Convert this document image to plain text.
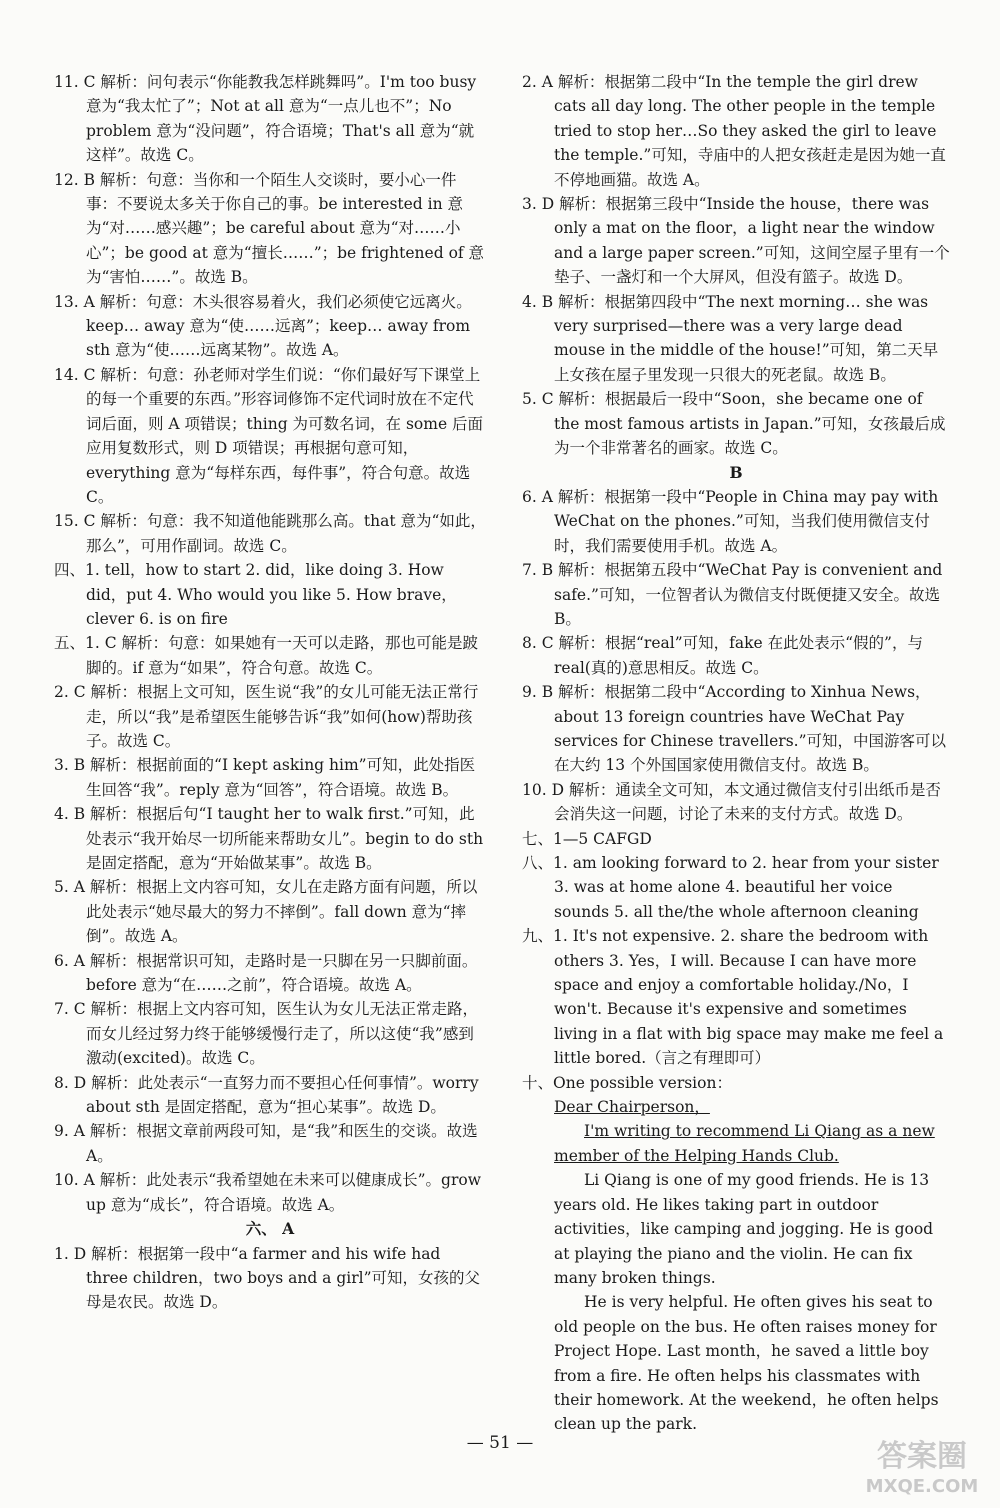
11. C 解析：问句表示“你能教我怎样跳舞吗”。I'm too busy 意为“我太忙了”；Not at all 意为“一点儿也不”；No problem 意为“没问题”，符合语境；That's all 意为“就这样”。故选 C。

12. B 解析：句意：当你和一个陌生人交谈时，要小心一件事：不要说太多关于你自己的事。be interested in 意为“对……感兴趣”；be careful about 意为“对……小心”；be good at 意为“擅长……”；be frightened of 意为“害怕……”。故选 B。

13. A 解析：句意：木头很容易着火，我们必须使它远离火。keep… away 意为“使……远离”；keep… away from sth 意为“使……远离某物”。故选 A。

14. C 解析：句意：孙老师对学生们说：“你们最好写下课堂上的每一个重要的东西。”形容词修饰不定代词时放在不定代词后面，则 A 项错误；thing 为可数名词，在 some 后面应用复数形式，则 D 项错误；再根据句意可知，everything 意为“每样东西，每件事”，符合句意。故选 C。

15. C 解析：句意：我不知道他能跳那么高。that 意为“如此，那么”，可用作副词。故选 C。

四、1. tell，how to start 2. did，like doing 3. How did，put 4. Who would you like 5. How brave，clever 6. is on fire

五、1. C 解析：句意：如果她有一天可以走路，那也可能是跛脚的。if 意为“如果”，符合句意。故选 C。

2. C 解析：根据上文可知，医生说“我”的女儿可能无法正常行走，所以“我”是希望医生能够告诉“我”如何(how)帮助孩子。故选 C。

3. B 解析：根据前面的“I kept asking him”可知，此处指医生回答“我”。reply 意为“回答”，符合语境。故选 B。

4. B 解析：根据后句“I taught her to walk first.”可知，此处表示“我开始尽一切所能来帮助女儿”。begin to do sth 是固定搭配，意为“开始做某事”。故选 B。

5. A 解析：根据上文内容可知，女儿在走路方面有问题，所以此处表示“她尽最大的努力不摔倒”。fall down 意为“摔倒”。故选 A。

6. A 解析：根据常识可知，走路时是一只脚在另一只脚前面。before 意为“在……之前”，符合语境。故选 A。

7. C 解析：根据上文内容可知，医生认为女儿无法正常走路，而女儿经过努力终于能够缓慢行走了，所以这使“我”感到激动(excited)。故选 C。

8. D 解析：此处表示“一直努力而不要担心任何事情”。worry about sth 是固定搭配，意为“担心某事”。故选 D。

9. A 解析：根据文章前两段可知，是“我”和医生的交谈。故选 A。

10. A 解析：此处表示“我希望她在未来可以健康成长”。grow up 意为“成长”，符合语境。故选 A。

六、 A

1. D 解析：根据第一段中“a farmer and his wife had three children，two boys and a girl”可知，女孩的父母是农民。故选 D。

2. A 解析：根据第二段中“In the temple the girl drew cats all day long. The other people in the temple tried to stop her…So they asked the girl to leave the temple.”可知，寺庙中的人把女孩赶走是因为她一直不停地画猫。故选 A。

3. D 解析：根据第三段中“Inside the house，there was only a mat on the floor，a light near the window and a large paper screen.”可知，这间空屋子里有一个垫子、一盏灯和一个大屏风，但没有篮子。故选 D。

4. B 解析：根据第四段中“The next morning… she was very surprised—there was a very large dead mouse in the middle of the house!”可知，第二天早上女孩在屋子里发现一只很大的死老鼠。故选 B。

5. C 解析：根据最后一段中“Soon，she became one of the most famous artists in Japan.”可知，女孩最后成为一个非常著名的画家。故选 C。

B

6. A 解析：根据第一段中“People in China may pay with WeChat on the phones.”可知，当我们使用微信支付时，我们需要使用手机。故选 A。

7. B 解析：根据第五段中“WeChat Pay is convenient and safe.”可知，一位智者认为微信支付既便捷又安全。故选 B。

8. C 解析：根据“real”可知，fake 在此处表示“假的”，与 real(真的)意思相反。故选 C。

9. B 解析：根据第二段中“According to Xinhua News，about 13 foreign countries have WeChat Pay services for Chinese travellers.”可知，中国游客可以在大约 13 个外国国家使用微信支付。故选 B。

10. D 解析：通读全文可知，本文通过微信支付引出纸币是否会消失这一问题，讨论了未来的支付方式。故选 D。

七、1—5 CAFGD

八、1. am looking forward to 2. hear from your sister 3. was at home alone 4. beautiful her voice sounds 5. all the/the whole afternoon cleaning

九、1. It's not expensive. 2. share the bedroom with others 3. Yes，I will. Because I can have more space and enjoy a comfortable holiday./No，I won't. Because it's expensive and sometimes living in a flat with big space may make me feel a little bored.（言之有理即可）

十、One possible version：

Dear Chairperson，

I'm writing to recommend Li Qiang as a new member of the Helping Hands Club.

Li Qiang is one of my good friends. He is 13 years old. He likes taking part in outdoor activities，like camping and jogging. He is good at playing the piano and the violin. He can fix many broken things.

He is very helpful. He often gives his seat to old people on the bus. He often raises money for Project Hope. Last month，he saved a little boy from a fire. He often helps his classmates with their homework. At the weekend，he often helps clean up the park.

— 51 —	答案圈
MXQE.COM
